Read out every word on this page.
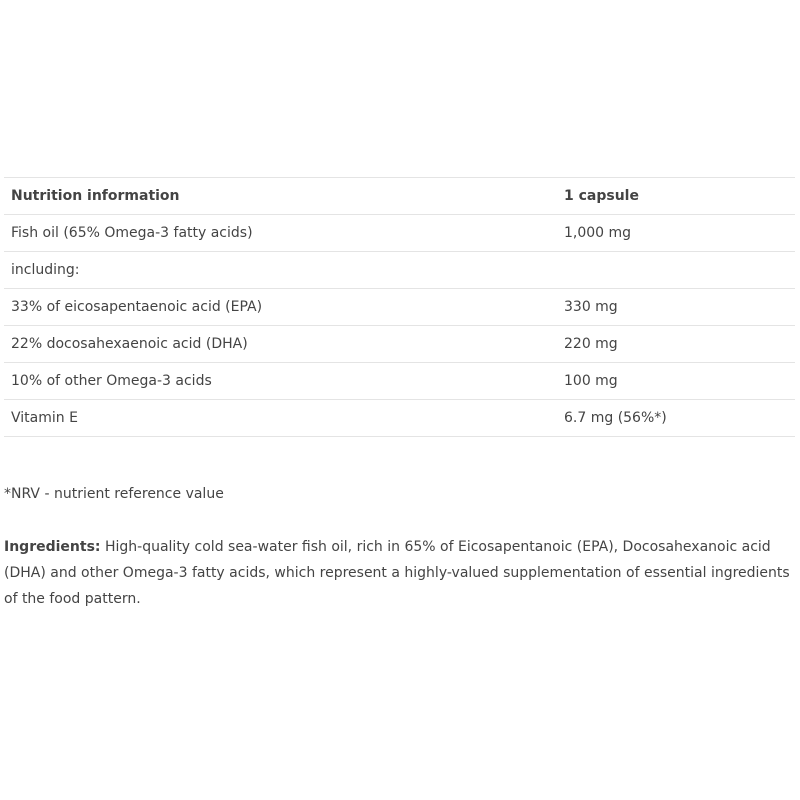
Nutrition information	1 capsule
Fish oil (65% Omega-3 fatty acids)	1,000 mg
including:	
33% of eicosapentaenoic acid (EPA)	330 mg
22% docosahexaenoic acid (DHA)	220 mg
10% of other Omega-3 acids	100 mg
Vitamin E	6.7 mg (56%*)
*NRV - nutrient reference value
Ingredients: High-quality cold sea-water fish oil, rich in 65% of Eicosapentanoic (EPA), Docosahexanoic acid (DHA) and other Omega-3 fatty acids, which represent a highly-valued supplementation of essential ingredients of the food pattern.
